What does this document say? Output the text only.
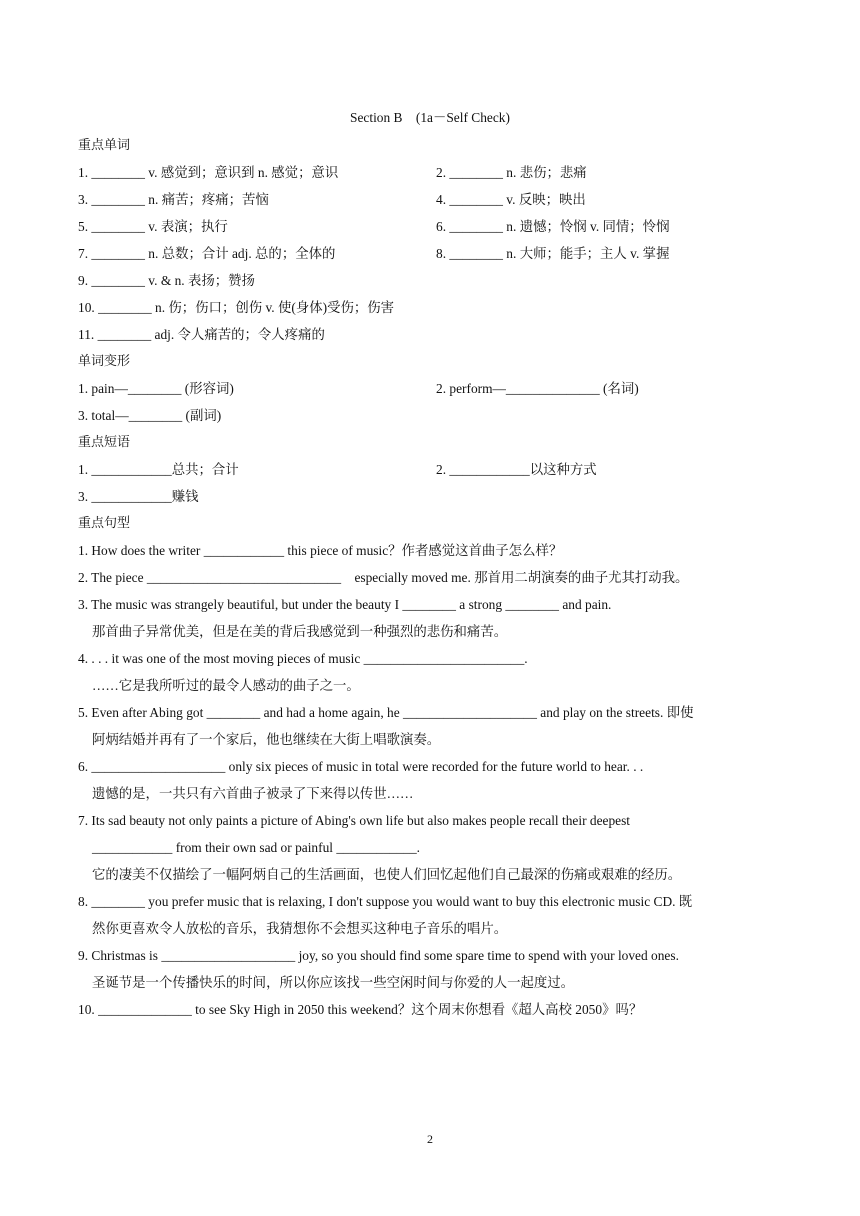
Section B　(1a－Self Check)
重点单词
1. ________ v. 感觉到；意识到 n. 感觉；意识	2. ________ n. 悲伤；悲痛
3. ________ n. 痛苦；疼痛；苦恼	4. ________ v. 反映；映出
5. ________ v. 表演；执行	6. ________ n. 遗憾；怜悯 v. 同情；怜悯
7. ________ n. 总数；合计 adj. 总的；全体的	8. ________ n. 大师；能手；主人 v. 掌握
9. ________ v. & n. 表扬；赞扬
10. ________ n. 伤；伤口；创伤 v. 使(身体)受伤；伤害
11. ________ adj. 令人痛苦的；令人疼痛的
单词变形
1. pain—________ (形容词)	2. perform—______________ (名词)
3. total—________ (副词)
重点短语
1. ____________总共；合计	2. ____________以这种方式
3. ____________赚钱
重点句型
1. How does the writer ____________ this piece of music？作者感觉这首曲子怎么样？
2. The piece _____________________________　especially moved me. 那首用二胡演奏的曲子尤其打动我。
3. The music was strangely beautiful, but under the beauty I ________ a strong ________ and pain.
那首曲子异常优美，但是在美的背后我感觉到一种强烈的悲伤和痛苦。
4. . . . it was one of the most moving pieces of music ________________________.
……它是我所听过的最令人感动的曲子之一。
5. Even after Abing got ________ and had a home again, he ____________________ and play on the streets. 即使
阿炳结婚并再有了一个家后，他也继续在大街上唱歌演奏。
6. ____________________ only six pieces of music in total were recorded for the future world to hear. . .
遗憾的是，一共只有六首曲子被录了下来得以传世……
7. Its sad beauty not only paints a picture of Abing's own life but also makes people recall their deepest
____________ from their own sad or painful ____________.
它的凄美不仅描绘了一幅阿炳自己的生活画面，也使人们回忆起他们自己最深的伤痛或艰难的经历。
8. ________ you prefer music that is relaxing, I don't suppose you would want to buy this electronic music CD. 既
然你更喜欢令人放松的音乐，我猜想你不会想买这种电子音乐的唱片。
9. Christmas is ____________________ joy, so you should find some spare time to spend with your loved ones.
圣诞节是一个传播快乐的时间，所以你应该找一些空闲时间与你爱的人一起度过。
10. ______________ to see Sky High in 2050 this weekend？这个周末你想看《超人高校 2050》吗？
2
